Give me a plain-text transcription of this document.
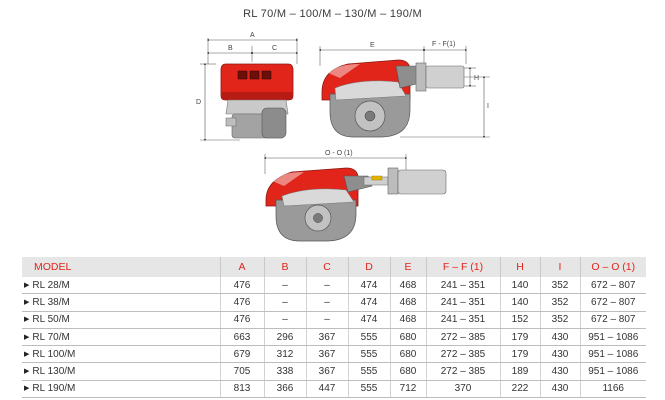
RL 70/M – 100/M – 130/M – 190/M
A
B	C
D
E	F - F(1)
H
I
O - O (1)
MODEL	A	B	C	D	E	F – F (1)	H	I	O – O (1)
▶ RL 28/M	476	–	–	474	468	241 – 351	140	352	672 – 807
▶ RL 38/M	476	–	–	474	468	241 – 351	140	352	672 – 807
▶ RL 50/M	476	–	–	474	468	241 – 351	152	352	672 – 807
▶ RL 70/M	663	296	367	555	680	272 – 385	179	430	951 – 1086
▶ RL 100/M	679	312	367	555	680	272 – 385	179	430	951 – 1086
▶ RL 130/M	705	338	367	555	680	272 – 385	189	430	951 – 1086
▶ RL 190/M	813	366	447	555	712	370	222	430	1166
